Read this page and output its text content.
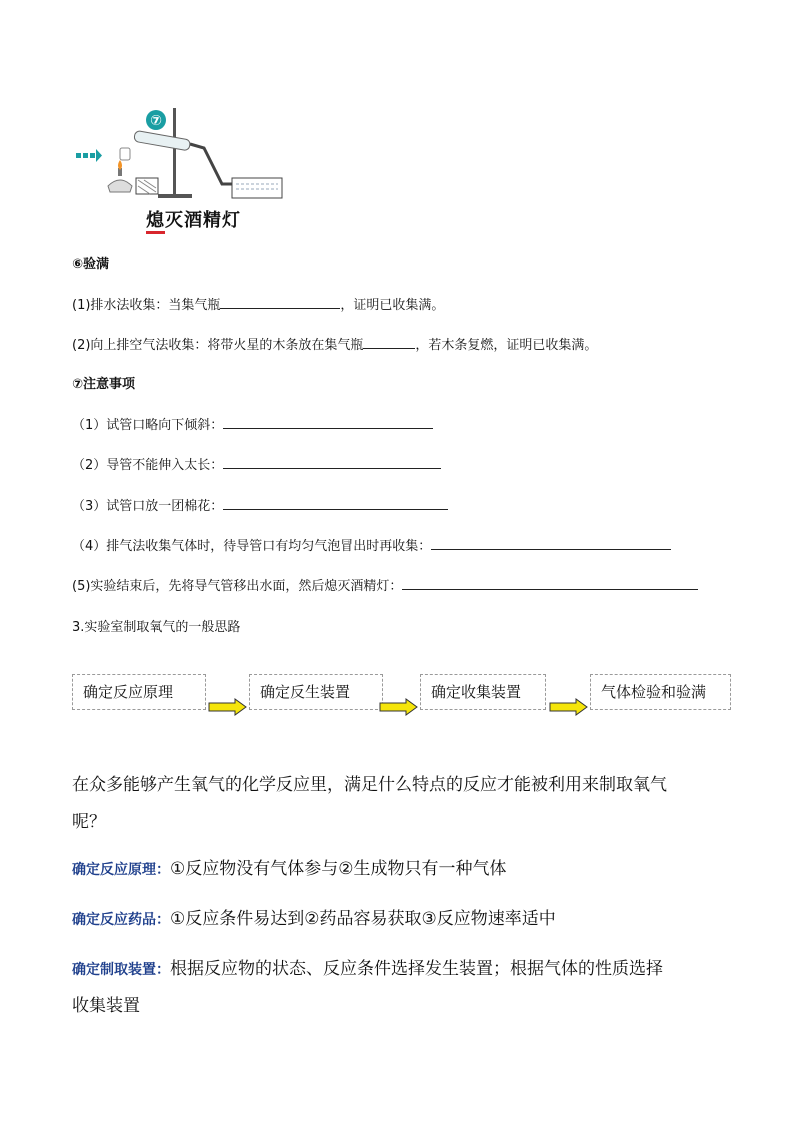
⑦
熄灭酒精灯
⑥验满
(1)排水法收集：当集气瓶	，证明已收集满。
(2)向上排空气法收集：将带火星的木条放在集气瓶	，若木条复燃，证明已收集满。
⑦注意事项
（1）试管口略向下倾斜：
（2）导管不能伸入太长：
（3）试管口放一团棉花：
（4）排气法收集气体时，待导管口有均匀气泡冒出时再收集：
(5)实验结束后，先将导气管移出水面，然后熄灭酒精灯：
3.实验室制取氧气的一般思路
确定反应原理	确定反生装置	确定收集装置	气体检验和验满
在众多能够产生氧气的化学反应里，满足什么特点的反应才能被利用来制取氧气
呢？
确定反应原理：①反应物没有气体参与②生成物只有一种气体
确定反应药品：①反应条件易达到②药品容易获取③反应物速率适中
确定制取装置：根据反应物的状态、反应条件选择发生装置；根据气体的性质选择
收集装置
